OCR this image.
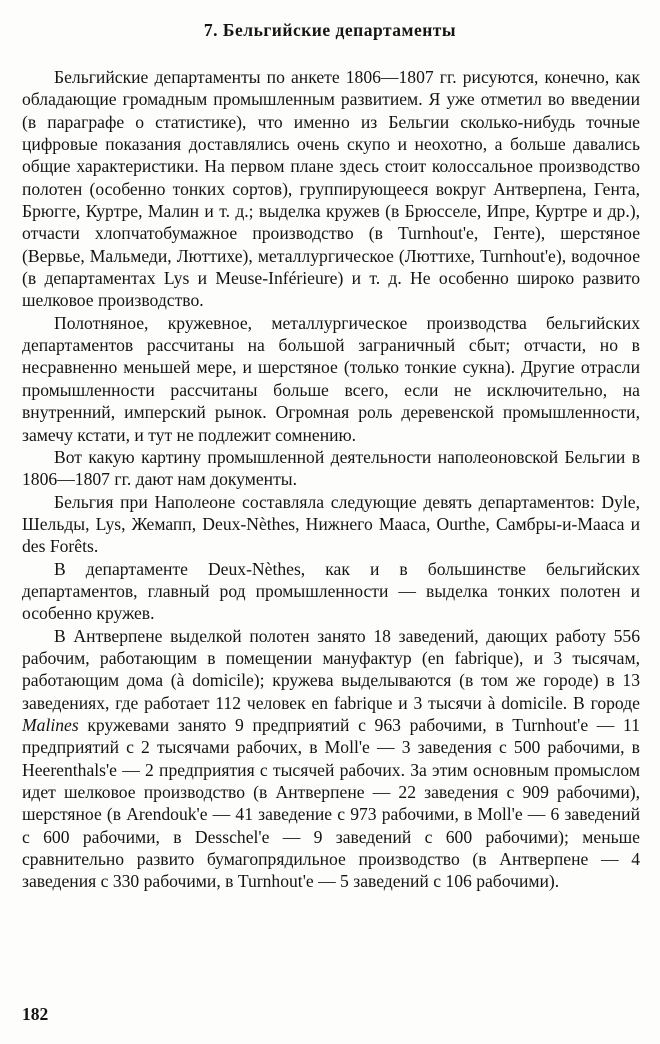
7. Бельгийские департаменты

Бельгийские департаменты по анкете 1806—1807 гг. рисуются, конечно, как обладающие громадным промышленным развитием. Я уже отметил во введении (в параграфе о статистике), что именно из Бельгии сколько-нибудь точные цифровые показания доставлялись очень скупо и неохотно, а больше давались общие характеристики. На первом плане здесь стоит колоссальное производство полотен (особенно тонких сортов), группирующееся вокруг Антверпена, Гента, Брюгге, Куртре, Малин и т. д.; выделка кружев (в Брюсселе, Ипре, Куртре и др.), отчасти хлопчатобумажное производство (в Turnhout'e, Генте), шерстяное (Вервье, Мальмеди, Люттихе), металлургическое (Люттихе, Turnhout'e), водочное (в департаментах Lys и Meuse-Inférieure) и т. д. Не особенно широко развито шелковое производство.

Полотняное, кружевное, металлургическое производства бельгийских департаментов рассчитаны на большой заграничный сбыт; отчасти, но в несравненно меньшей мере, и шерстяное (только тонкие сукна). Другие отрасли промышленности рассчитаны больше всего, если не исключительно, на внутренний, имперский рынок. Огромная роль деревенской промышленности, замечу кстати, и тут не подлежит сомнению.

Вот какую картину промышленной деятельности наполеоновской Бельгии в 1806—1807 гг. дают нам документы.

Бельгия при Наполеоне составляла следующие девять департаментов: Dyle, Шельды, Lys, Жемапп, Deux-Nèthes, Нижнего Мааса, Ourthe, Самбры-и-Мааса и des Forêts.

В департаменте Deux-Nèthes, как и в большинстве бельгийских департаментов, главный род промышленности — выделка тонких полотен и особенно кружев.

В Антверпене выделкой полотен занято 18 заведений, дающих работу 556 рабочим, работающим в помещении мануфактур (en fabrique), и 3 тысячам, работающим дома (à domicile); кружева выделываются (в том же городе) в 13 заведениях, где работает 112 человек en fabrique и 3 тысячи à domicile. В городе Malines кружевами занято 9 предприятий с 963 рабочими, в Turnhout'e — 11 предприятий с 2 тысячами рабочих, в Moll'e — 3 заведения с 500 рабочими, в Heerenthals'e — 2 предприятия с тысячей рабочих. За этим основным промыслом идет шелковое производство (в Антверпене — 22 заведения с 909 рабочими), шерстяное (в Arendouk'e — 41 заведение с 973 рабочими, в Moll'e — 6 заведений с 600 рабочими, в Desschel'e — 9 заведений с 600 рабочими); меньше сравнительно развито бумагопрядильное производство (в Антверпене — 4 заведения с 330 рабочими, в Turnhout'e — 5 заведений с 106 рабочими).

182
